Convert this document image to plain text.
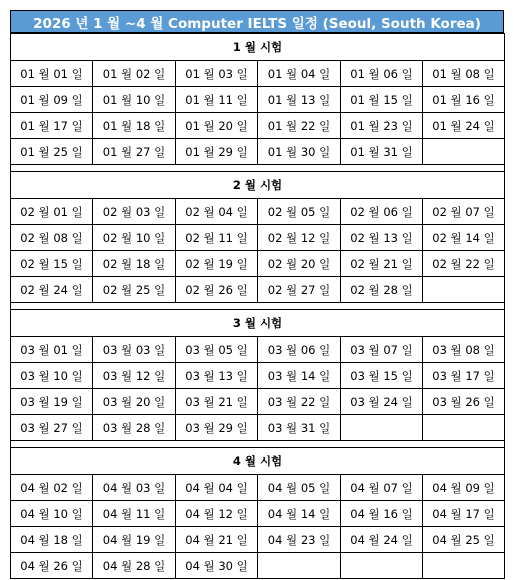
2026 년 1 월 ~4 월 Computer IELTS 일정 (Seoul, South Korea)
1 월 시험					
01 월 01 일	01 월 02 일	01 월 03 일	01 월 04 일	01 월 06 일	01 월 08 일
01 월 09 일	01 월 10 일	01 월 11 일	01 월 13 일	01 월 15 일	01 월 16 일
01 월 17 일	01 월 18 일	01 월 20 일	01 월 22 일	01 월 23 일	01 월 24 일
01 월 25 일	01 월 27 일	01 월 29 일	01 월 30 일	01 월 31 일	

2 월 시험					
02 월 01 일	02 월 03 일	02 월 04 일	02 월 05 일	02 월 06 일	02 월 07 일
02 월 08 일	02 월 10 일	02 월 11 일	02 월 12 일	02 월 13 일	02 월 14 일
02 월 15 일	02 월 18 일	02 월 19 일	02 월 20 일	02 월 21 일	02 월 22 일
02 월 24 일	02 월 25 일	02 월 26 일	02 월 27 일	02 월 28 일	

3 월 시험					
03 월 01 일	03 월 03 일	03 월 05 일	03 월 06 일	03 월 07 일	03 월 08 일
03 월 10 일	03 월 12 일	03 월 13 일	03 월 14 일	03 월 15 일	03 월 17 일
03 월 19 일	03 월 20 일	03 월 21 일	03 월 22 일	03 월 24 일	03 월 26 일
03 월 27 일	03 월 28 일	03 월 29 일	03 월 31 일		

4 월 시험					
04 월 02 일	04 월 03 일	04 월 04 일	04 월 05 일	04 월 07 일	04 월 09 일
04 월 10 일	04 월 11 일	04 월 12 일	04 월 14 일	04 월 16 일	04 월 17 일
04 월 18 일	04 월 19 일	04 월 21 일	04 월 23 일	04 월 24 일	04 월 25 일
04 월 26 일	04 월 28 일	04 월 30 일			
